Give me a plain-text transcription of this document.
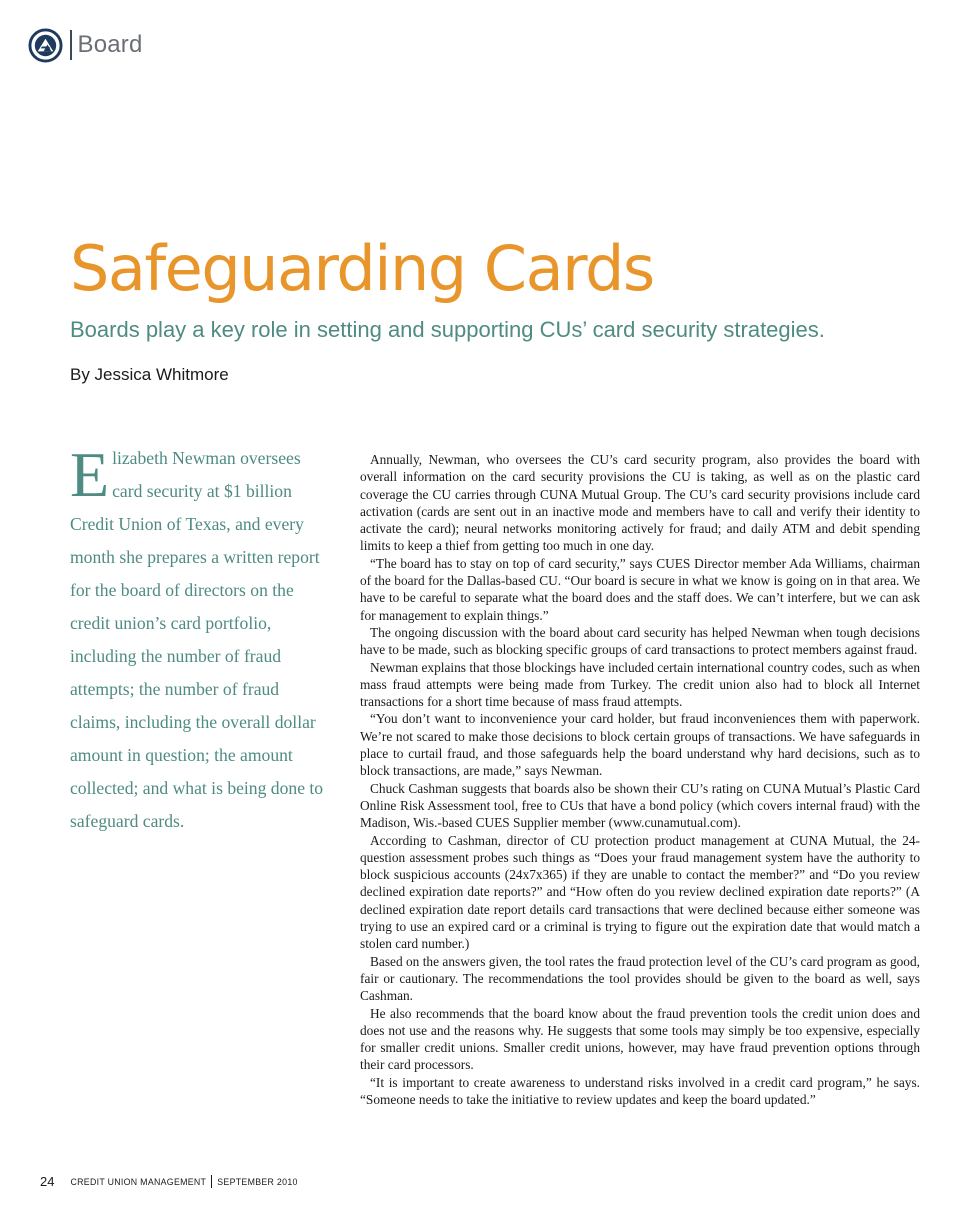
Board
Safeguarding Cards
Boards play a key role in setting and supporting CUs’ card security strategies.

By Jessica Whitmore

Elizabeth Newman oversees card security at $1 billion Credit Union of Texas, and every month she prepares a written report for the board of directors on the credit union’s card portfolio, including the number of fraud attempts; the number of fraud claims, including the overall dollar amount in question; the amount collected; and what is being done to safeguard cards.

Annually, Newman, who oversees the CU’s card security program, also provides the board with overall information on the card security provisions the CU is taking, as well as on the plastic card coverage the CU carries through CUNA Mutual Group. The CU’s card security provisions include card activation (cards are sent out in an inactive mode and members have to call and verify their identity to activate the card); neural networks monitoring actively for fraud; and daily ATM and debit spending limits to keep a thief from getting too much in one day.

“The board has to stay on top of card security,” says CUES Director member Ada Williams, chairman of the board for the Dallas-based CU. “Our board is secure in what we know is going on in that area. We have to be careful to separate what the board does and the staff does. We can’t interfere, but we can ask for management to explain things.”

The ongoing discussion with the board about card security has helped Newman when tough decisions have to be made, such as blocking specific groups of card transactions to protect members against fraud.

Newman explains that those blockings have included certain international country codes, such as when mass fraud attempts were being made from Turkey. The credit union also had to block all Internet transactions for a short time because of mass fraud attempts.

“You don’t want to inconvenience your card holder, but fraud inconveniences them with paperwork. We’re not scared to make those decisions to block certain groups of transactions. We have safeguards in place to curtail fraud, and those safeguards help the board understand why hard decisions, such as to block transactions, are made,” says Newman.

Chuck Cashman suggests that boards also be shown their CU’s rating on CUNA Mutual’s Plastic Card Online Risk Assessment tool, free to CUs that have a bond policy (which covers internal fraud) with the Madison, Wis.-based CUES Supplier member (www.cunamutual.com).

According to Cashman, director of CU protection product management at CUNA Mutual, the 24-question assessment probes such things as “Does your fraud management system have the authority to block suspicious accounts (24x7x365) if they are unable to contact the member?” and “Do you review declined expiration date reports?” and “How often do you review declined expiration date reports?” (A declined expiration date report details card transactions that were declined because either someone was trying to use an expired card or a criminal is trying to figure out the expiration date that would match a stolen card number.)

Based on the answers given, the tool rates the fraud protection level of the CU’s card program as good, fair or cautionary. The recommendations the tool provides should be given to the board as well, says Cashman.

He also recommends that the board know about the fraud prevention tools the credit union does and does not use and the reasons why. He suggests that some tools may simply be too expensive, especially for smaller credit unions. Smaller credit unions, however, may have fraud prevention options through their card processors.

“It is important to create awareness to understand risks involved in a credit card program,” he says. “Someone needs to take the initiative to review updates and keep the board updated.”

24 CREDIT UNION MANAGEMENT SEPTEMBER 2010
